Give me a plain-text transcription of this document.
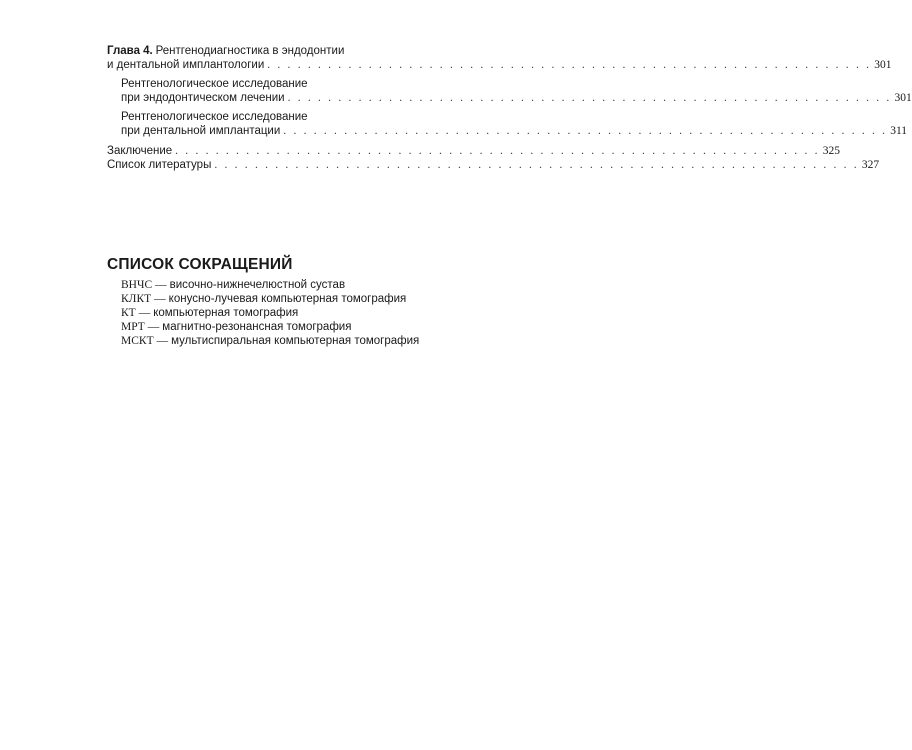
Глава 4. Рентгенодиагностика в эндодонтии
и дентальной имплантологии . . . . . . . . . . . . . . . . . . . . . . . . . . . . . . . . . . . . . . . . . . . . . . . . . . . . . . . . . . . . 301
Рентгенологическое исследование
при эндодонтическом лечении . . . . . . . . . . . . . . . . . . . . . . . . . . . . . . . . . . . . . . . . . . . . . . . . . . . . . . . . . . . . 301
Рентгенологическое исследование
при дентальной имплантации . . . . . . . . . . . . . . . . . . . . . . . . . . . . . . . . . . . . . . . . . . . . . . . . . . . . . . . . . . . . 311
Заключение . . . . . . . . . . . . . . . . . . . . . . . . . . . . . . . . . . . . . . . . . . . . . . . . . . . . . . . . . . . . . . . . 325
Список литературы . . . . . . . . . . . . . . . . . . . . . . . . . . . . . . . . . . . . . . . . . . . . . . . . . . . . . . . . . . . . . . . . 327
СПИСОК СОКРАЩЕНИЙ
ВНЧС — височно-нижнечелюстной сустав
КЛКТ — конусно-лучевая компьютерная томография
КТ — компьютерная томография
МРТ — магнитно-резонансная томография
МСКТ — мультиспиральная компьютерная томография
